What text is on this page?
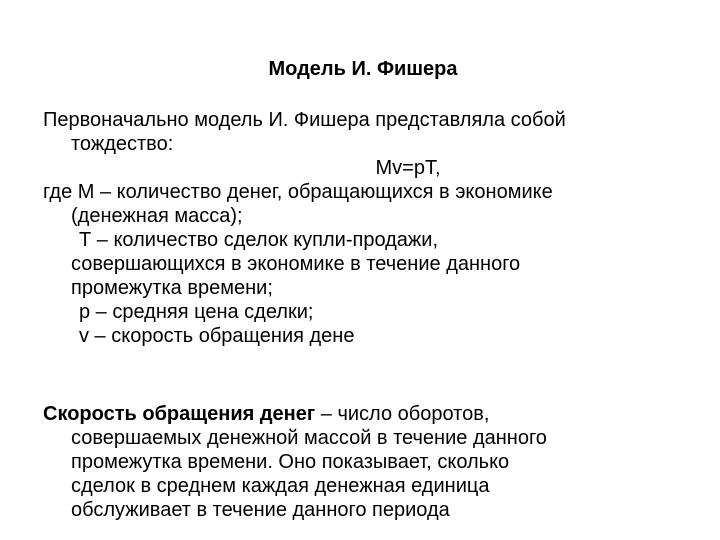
Модель И. Фишера
Первоначально модель И. Фишера представляла собой
тождество:
Mv=pT,
где М – количество денег, обращающихся в экономике
(денежная масса);
Т – количество сделок купли-продажи,
совершающихся в экономике в течение данного
промежутка времени;
р – средняя цена сделки;
v – скорость обращения дене
Скорость обращения денег – число оборотов,
совершаемых денежной массой в течение данного
промежутка времени. Оно показывает, сколько
сделок в среднем каждая денежная единица
обслуживает в течение данного периода
